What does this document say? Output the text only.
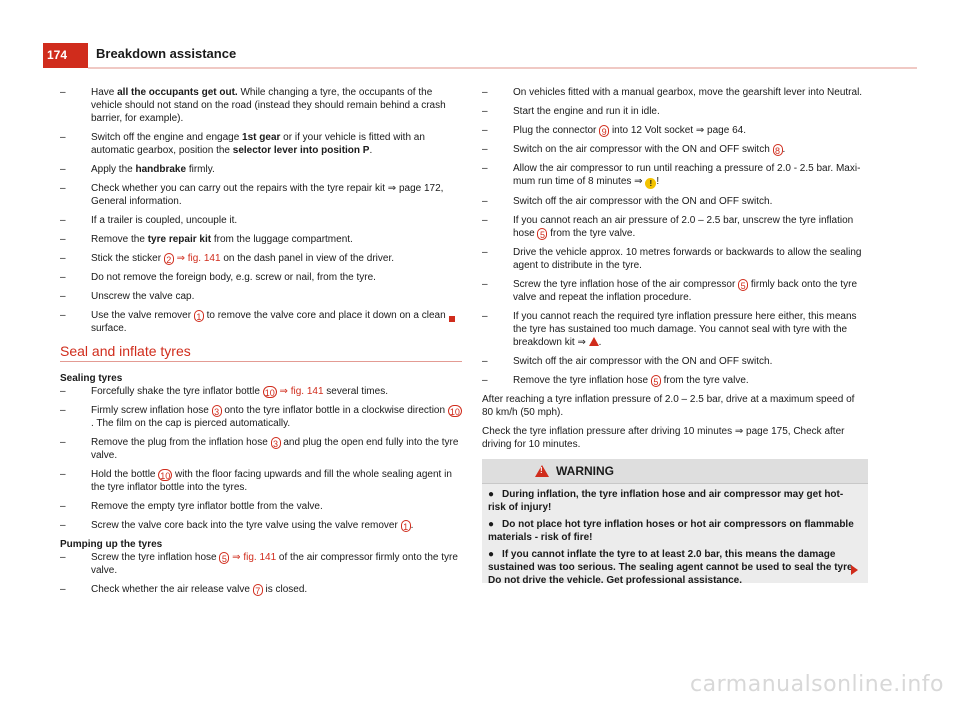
174	Breakdown assistance
–	Have all the occupants get out. While changing a tyre, the occupants of the vehicle should not stand on the road (instead they should remain behind a crash barrier, for example).
–	Switch off the engine and engage 1st gear or if your vehicle is fitted with an automatic gearbox, position the selector lever into position P.
–	Apply the handbrake firmly.
–	Check whether you can carry out the repairs with the tyre repair kit ⇒ page 172, General information.
–	If a trailer is coupled, uncouple it.
–	Remove the tyre repair kit from the luggage compartment.
–	Stick the sticker 2 ⇒ fig. 141 on the dash panel in view of the driver.
–	Do not remove the foreign body, e.g. screw or nail, from the tyre.
–	Unscrew the valve cap.
–	Use the valve remover 1 to remove the valve core and place it down on a clean surface.
Seal and inflate tyres
Sealing tyres
–	Forcefully shake the tyre inflator bottle 10 ⇒ fig. 141 several times.
–	Firmly screw inflation hose 3 onto the tyre inflator bottle in a clockwise direction 10. The film on the cap is pierced automatically.
–	Remove the plug from the inflation hose 3 and plug the open end fully into the tyre valve.
–	Hold the bottle 10 with the floor facing upwards and fill the whole sealing agent in the tyre inflator bottle into the tyres.
–	Remove the empty tyre inflator bottle from the valve.
–	Screw the valve core back into the tyre valve using the valve remover 1 .
Pumping up the tyres
–	Screw the tyre inflation hose 5 ⇒ fig. 141 of the air compressor firmly onto the tyre valve.
–	Check whether the air release valve 7 is closed.
–	On vehicles fitted with a manual gearbox, move the gearshift lever into Neutral.
–	Start the engine and run it in idle.
–	Plug the connector 9 into 12 Volt socket ⇒ page 64.
–	Switch on the air compressor with the ON and OFF switch 8 .
–	Allow the air compressor to run until reaching a pressure of 2.0 - 2.5 bar. Maximum run time of 8 minutes ⇒ ! !
–	Switch off the air compressor with the ON and OFF switch.
–	If you cannot reach an air pressure of 2.0 – 2.5 bar, unscrew the tyre inflation hose 5 from the tyre valve.
–	Drive the vehicle approx. 10 metres forwards or backwards to allow the sealing agent to distribute in the tyre.
–	Screw the tyre inflation hose of the air compressor 5 firmly back onto the tyre valve and repeat the inflation procedure.
–	If you cannot reach the required tyre inflation pressure here either, this means the tyre has sustained too much damage. You cannot seal with tyre with the breakdown kit ⇒ .
–	Switch off the air compressor with the ON and OFF switch.
–	Remove the tyre inflation hose 5 from the tyre valve.
After reaching a tyre inflation pressure of 2.0 – 2.5 bar, drive at a maximum speed of 80 km/h (50 mph).
Check the tyre inflation pressure after driving 10 minutes ⇒ page 175, Check after driving for 10 minutes.
!
WARNING

● During inflation, the tyre inflation hose and air compressor may get hot- risk of injury!

● Do not place hot tyre inflation hoses or hot air compressors on flammable materials - risk of fire!

● If you cannot inflate the tyre to at least 2.0 bar, this means the damage sustained was too serious. The sealing agent cannot be used to seal the tyre. Do not drive the vehicle. Get professional assistance.

carmanualsonline.info
